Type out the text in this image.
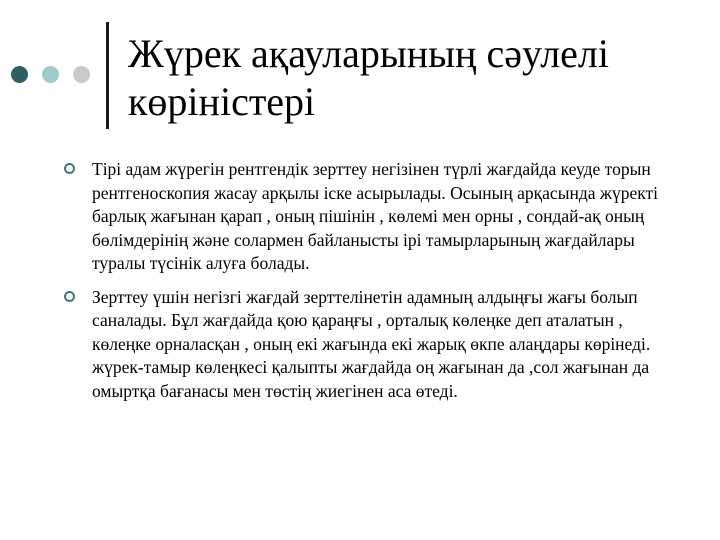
Жүрек ақауларының сәулелі көріністері

Тірі адам жүрегін рентгендік зерттеу негізінен түрлі жағдайда кеуде торын рентгеноскопия жасау арқылы іске асырылады. Осының арқасында жүректі барлық жағынан қарап , оның пішінін , көлемі мен орны , сондай-ақ оның бөлімдерінің және солармен байланысты ірі тамырларының жағдайлары туралы түсінік алуға болады.

Зерттеу үшін негізгі жағдай зерттелінетін адамның алдыңғы жағы болып саналады. Бұл жағдайда қою қараңғы , орталық көлеңке деп аталатын , көлеңке орналасқан , оның екі жағында екі жарық өкпе алаңдары көрінеді. жүрек-тамыр көлеңкесі қалыпты жағдайда оң жағынан да ,сол жағынан да омыртқа бағанасы мен төстің жиегінен аса өтеді.
